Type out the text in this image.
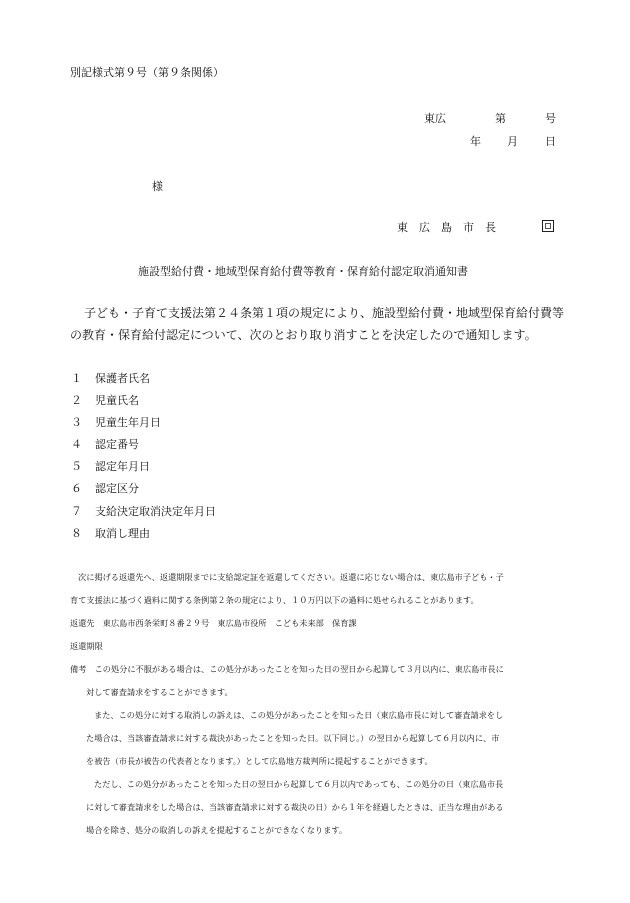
別記様式第９号（第９条関係）
東広	第	号
年 月 日
様
東　広　島　市　長
施設型給付費・地域型保育給付費等教育・保育給付認定取消通知書
子ども・子育て支援法第２４条第１項の規定により、施設型給付費・地域型保育給付費等
の教育・保育給付認定について、次のとおり取り消すことを決定したので通知します。
１	保護者氏名
２	児童氏名
３	児童生年月日
４	認定番号
５	認定年月日
６	認定区分
７	支給決定取消決定年月日
８	取消し理由
次に掲げる返還先へ、返還期限までに支給認定証を返還してください。返還に応じない場合は、東広島市子ども・子
育て支援法に基づく過料に関する条例第２条の規定により、１０万円以下の過料に処せられることがあります。
返還先　東広島市西条栄町８番２９号　東広島市役所　こども未来部　保育課
返還期限
備考　この処分に不服がある場合は、この処分があったことを知った日の翌日から起算して３月以内に、東広島市長に
対して審査請求をすることができます。
また、この処分に対する取消しの訴えは、この処分があったことを知った日（東広島市長に対して審査請求をし
た場合は、当該審査請求に対する裁決があったことを知った日。以下同じ。）の翌日から起算して６月以内に、市
を被告（市長が被告の代表者となります。）として広島地方裁判所に提起することができます。
ただし、この処分があったことを知った日の翌日から起算して６月以内であっても、この処分の日（東広島市長
に対して審査請求をした場合は、当該審査請求に対する裁決の日）から１年を経過したときは、正当な理由がある
場合を除き、処分の取消しの訴えを提起することができなくなります。
